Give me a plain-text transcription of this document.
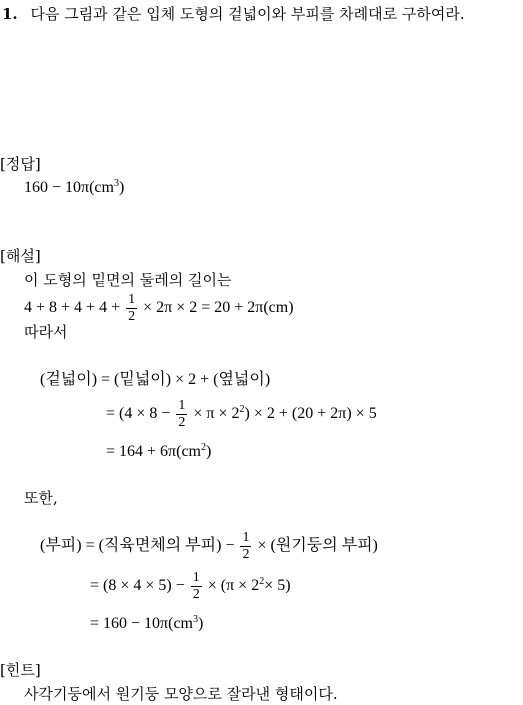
1. 다음 그림과 같은 입체 도형의 겉넓이와 부피를 차례대로 구하여라.
[정답]
$160 - 10\pi(cm^3)$
[해설]
이 도형의 밑면의 둘레의 길이는
$4 + 8 + 4 + 4 + \frac{1}{2} \times 2\pi \times 2 = 20 + 2\pi(cm)$
따라서
(겉넓이) = (밑넓이) × 2 + (옆넓이)
= $(4 \times 8 - \frac{1}{2} \times \pi \times 2^2) \times 2 + (20 + 2\pi) \times 5$
= $164 + 6\pi(cm^2)$
또한,
(부피) = (직육면체의 부피) − $\frac{1}{2}$ × (원기둥의 부피)
= $(8 \times 4 \times 5) - \frac{1}{2} \times (\pi \times 2^2\times 5)$
= $160 - 10\pi(cm^3)$
[힌트]
사각기둥에서 원기둥 모양으로 잘라낸 형태이다.
